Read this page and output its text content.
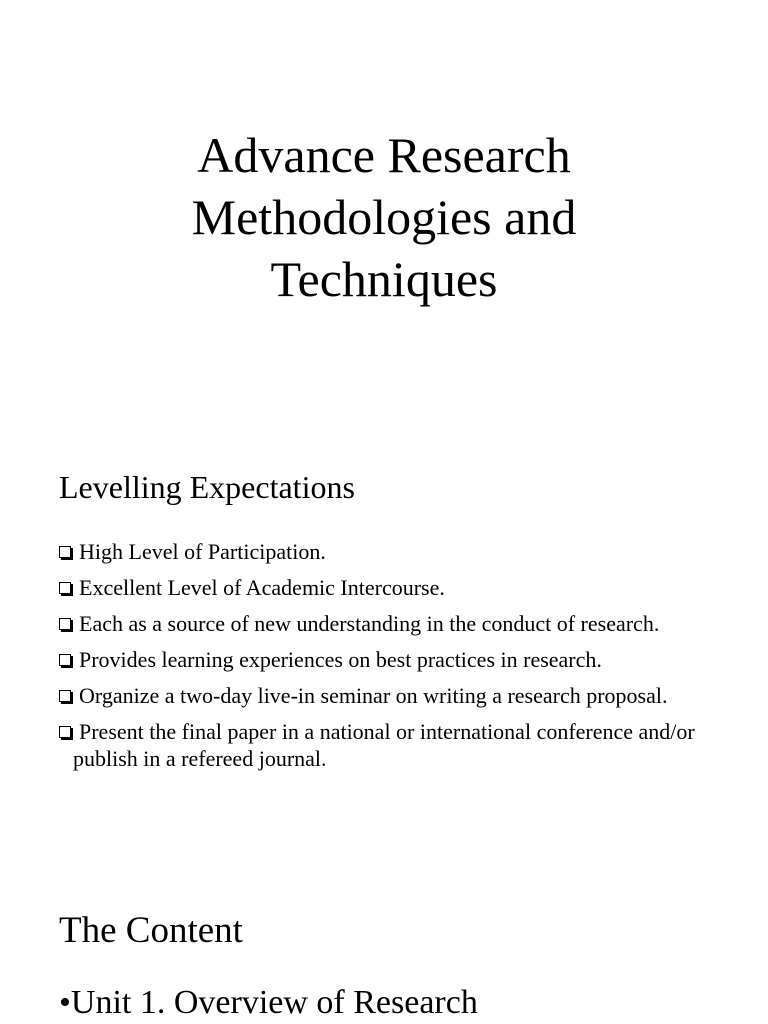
Advance Research
Methodologies and
Techniques
Levelling Expectations
High Level of Participation.
Excellent Level of Academic Intercourse.
Each as a source of new understanding in the conduct of research.
Provides learning experiences on best practices in research.
Organize a two-day live-in seminar on writing a research proposal.
Present the final paper in a national or international conference and/or publish in a refereed journal.
The Content
•Unit 1. Overview of Research
